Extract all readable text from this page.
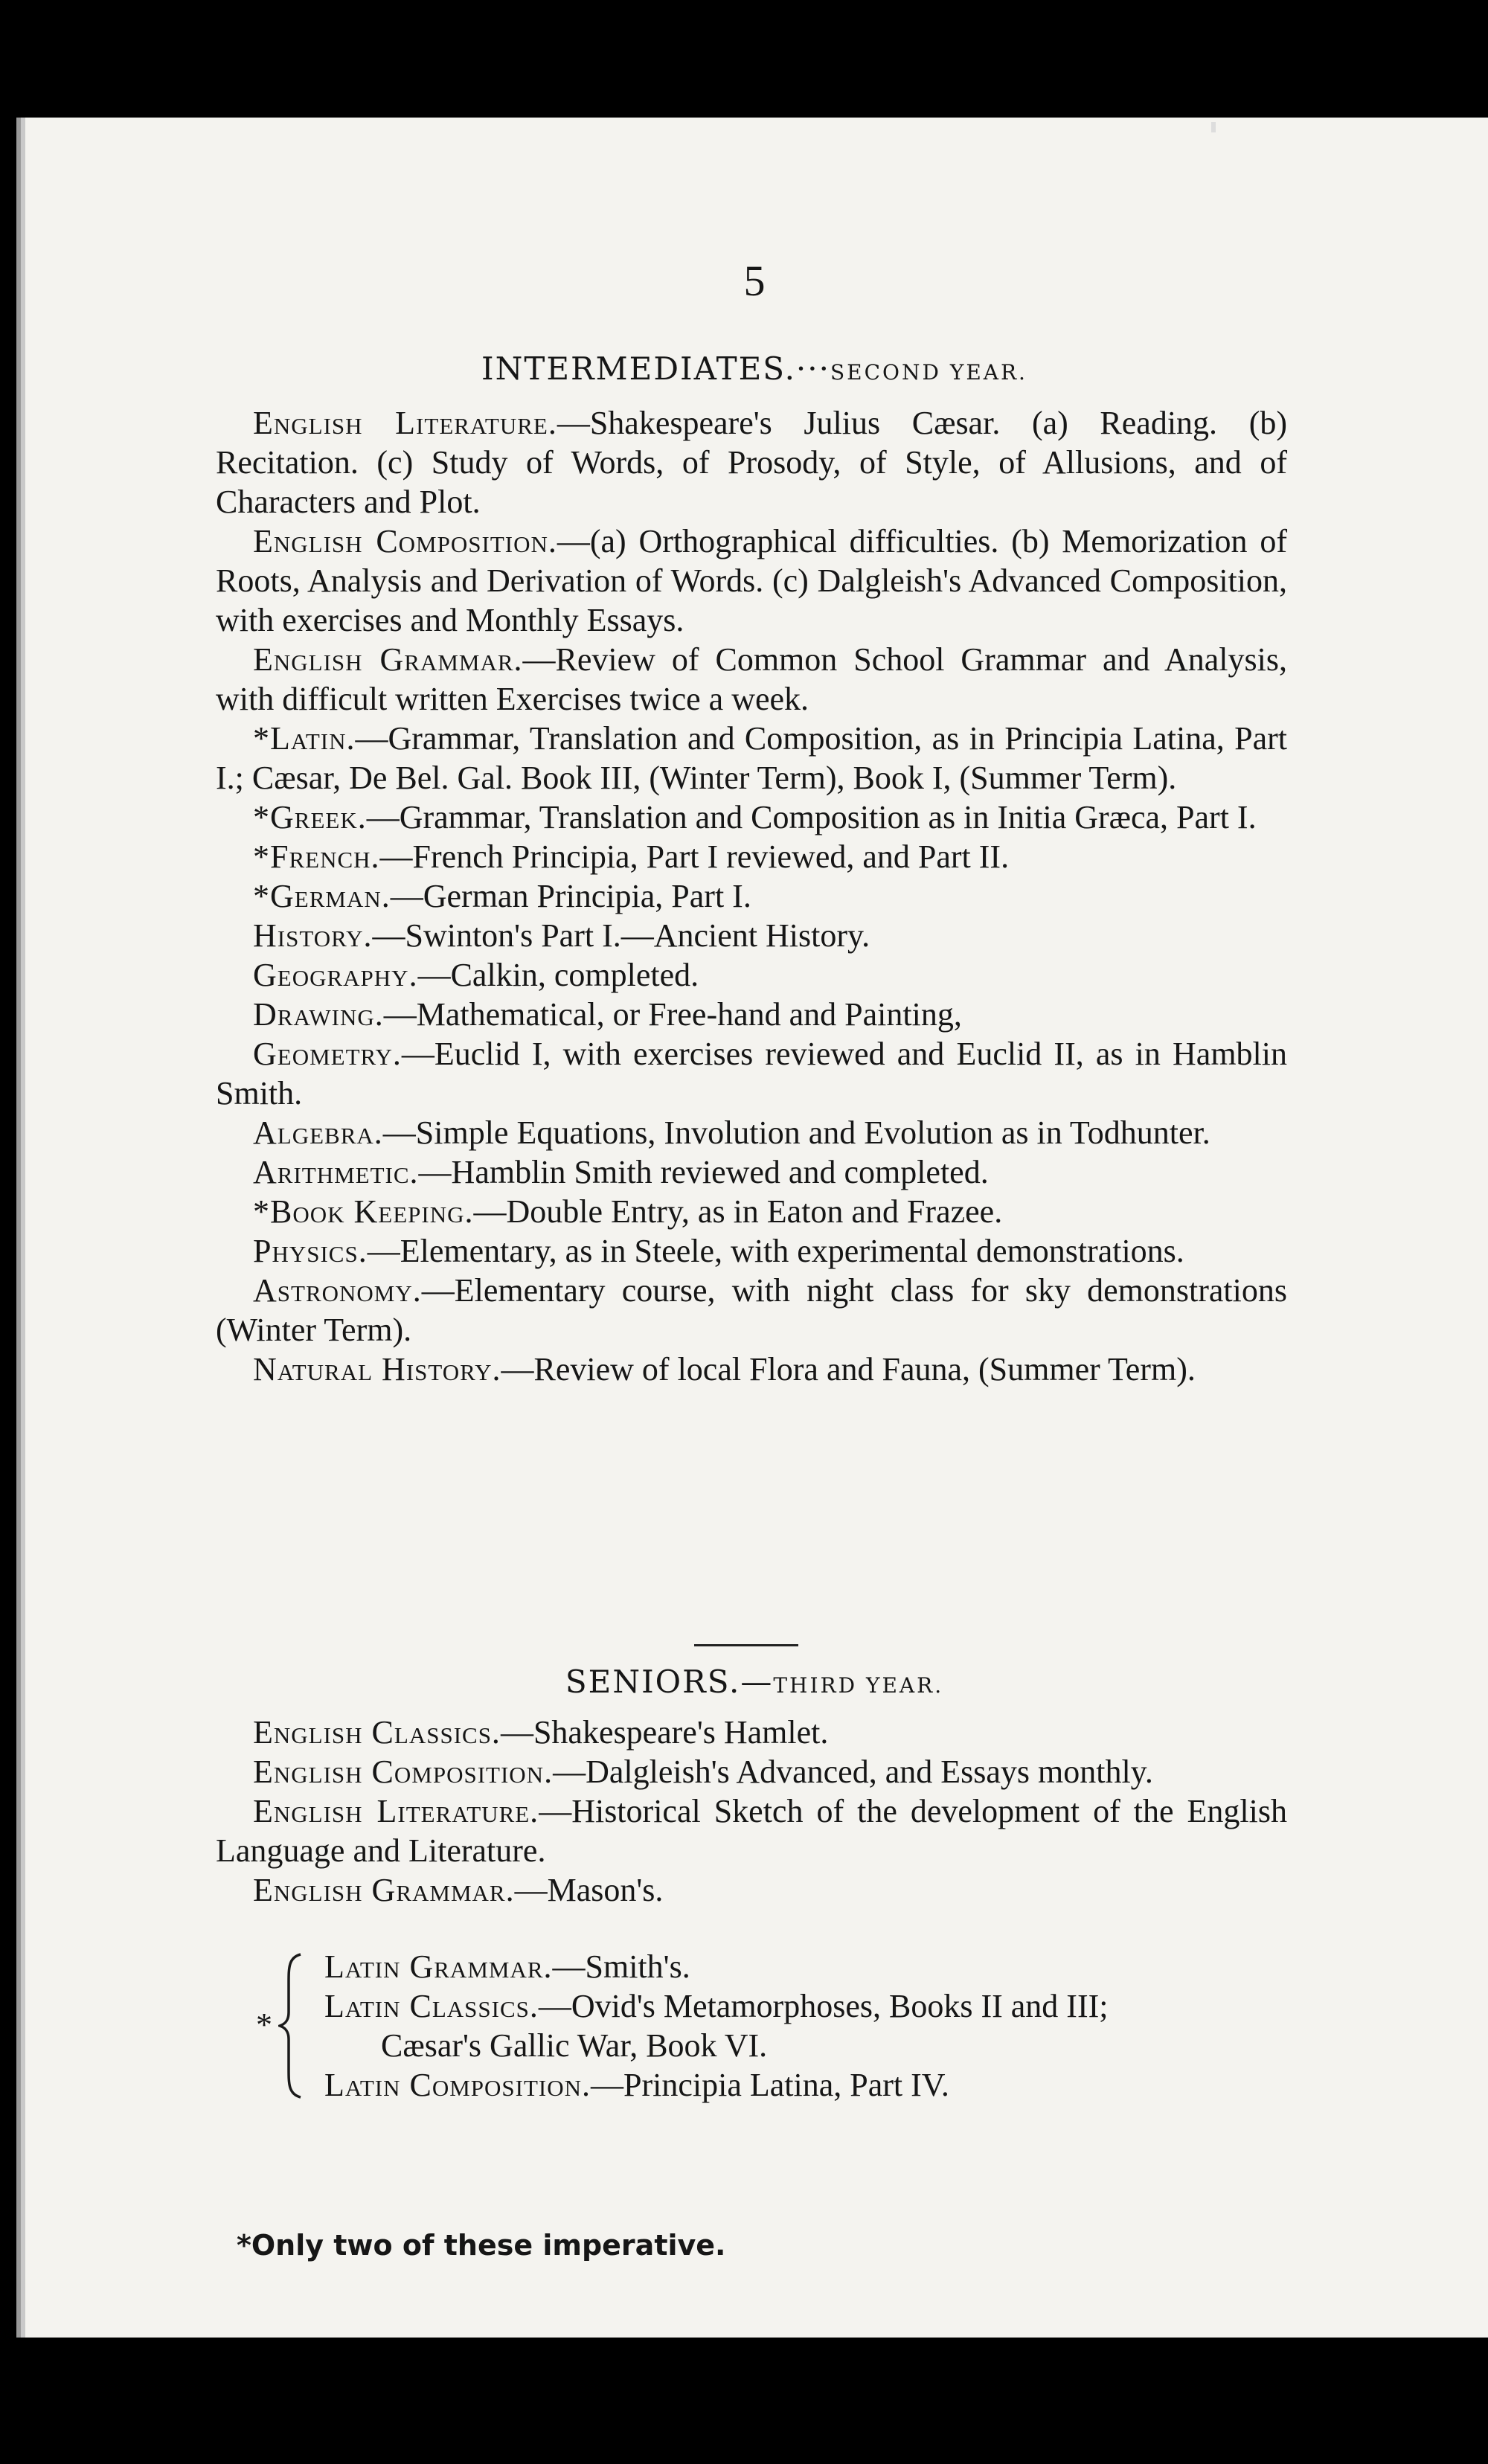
5
INTERMEDIATES.···SECOND YEAR.

English Literature.—Shakespeare's Julius Cæsar. (a) Reading. (b) Recitation. (c) Study of Words, of Prosody, of Style, of Allusions, and of Characters and Plot.

English Composition.—(a) Orthographical difficulties. (b) Memorization of Roots, Analysis and Derivation of Words. (c) Dalgleish's Advanced Composition, with exercises and Monthly Essays.

English Grammar.—Review of Common School Grammar and Analysis, with difficult written Exercises twice a week.

*Latin.—Grammar, Translation and Composition, as in Principia Latina, Part I.; Cæsar, De Bel. Gal. Book III, (Winter Term), Book I, (Summer Term).

*Greek.—Grammar, Translation and Composition as in Initia Græca, Part I.

*French.—French Principia, Part I reviewed, and Part II.

*German.—German Principia, Part I.

History.—Swinton's Part I.—Ancient History.

Geography.—Calkin, completed.

Drawing.—Mathematical, or Free-hand and Painting,

Geometry.—Euclid I, with exercises reviewed and Euclid II, as in Hamblin Smith.

Algebra.—Simple Equations, Involution and Evolution as in Todhunter.

Arithmetic.—Hamblin Smith reviewed and completed.

*Book Keeping.—Double Entry, as in Eaton and Frazee.

Physics.—Elementary, as in Steele, with experimental demonstrations.

Astronomy.—Elementary course, with night class for sky demonstrations (Winter Term).

Natural History.—Review of local Flora and Fauna, (Summer Term).

SENIORS.—THIRD YEAR.

English Classics.—Shakespeare's Hamlet.

English Composition.—Dalgleish's Advanced, and Essays monthly.

English Literature.—Historical Sketch of the development of the English Language and Literature.

English Grammar.—Mason's.

*
Latin Grammar.—Smith's.
Latin Classics.—Ovid's Metamorphoses, Books II and III;
Cæsar's Gallic War, Book VI.
Latin Composition.—Principia Latina, Part IV.
*Only two of these imperative.
